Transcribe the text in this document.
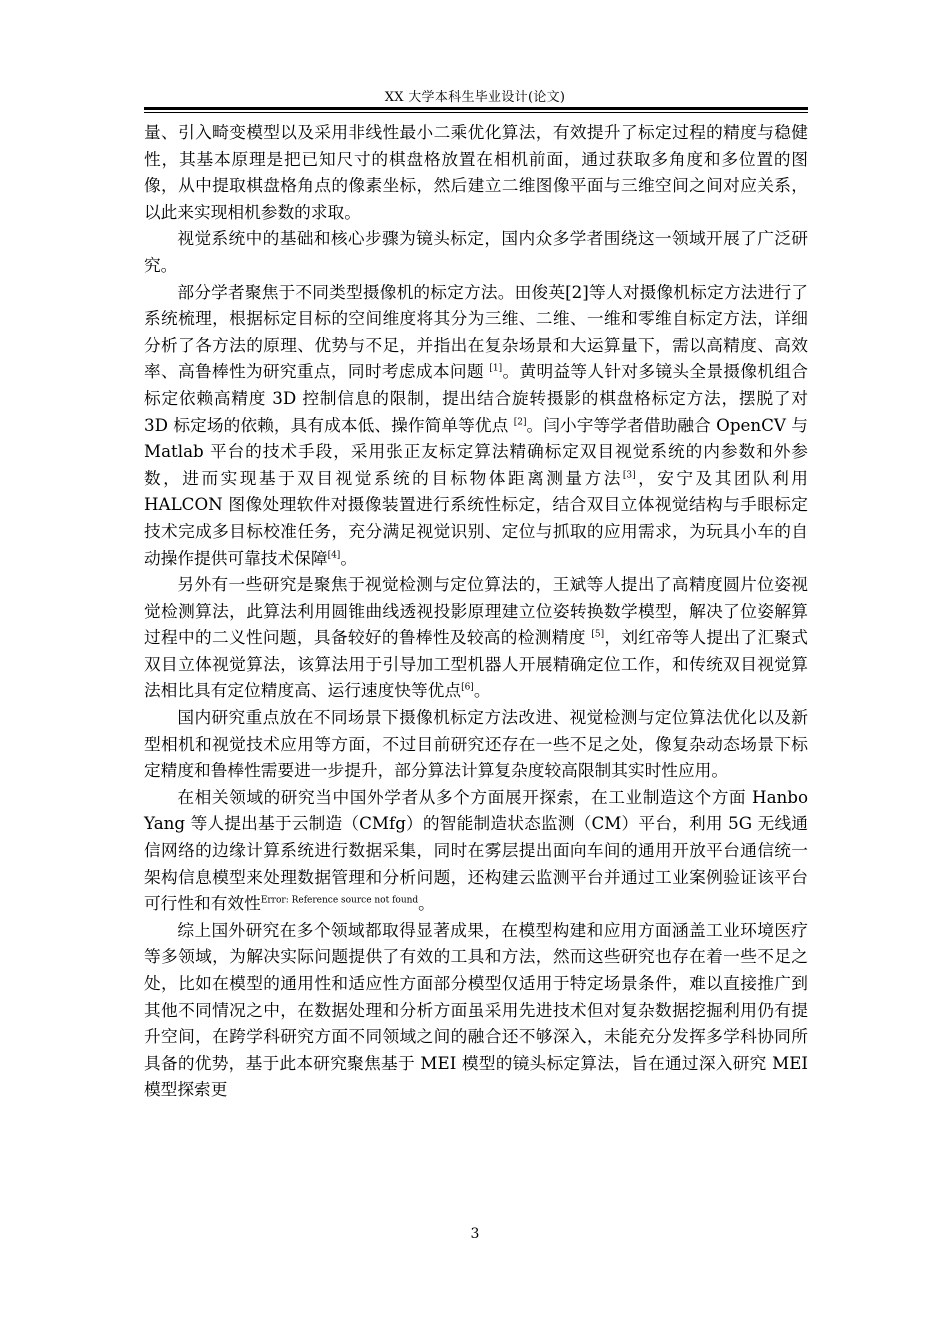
XX 大学本科生毕业设计(论文)

量、引入畸变模型以及采用非线性最小二乘优化算法，有效提升了标定过程的精度与稳健性，其基本原理是把已知尺寸的棋盘格放置在相机前面，通过获取多角度和多位置的图像，从中提取棋盘格角点的像素坐标，然后建立二维图像平面与三维空间之间对应关系，以此来实现相机参数的求取。

视觉系统中的基础和核心步骤为镜头标定，国内众多学者围绕这一领域开展了广泛研究。

部分学者聚焦于不同类型摄像机的标定方法。田俊英[2]等人对摄像机标定方法进行了系统梳理，根据标定目标的空间维度将其分为三维、二维、一维和零维自标定方法，详细分析了各方法的原理、优势与不足，并指出在复杂场景和大运算量下，需以高精度、高效率、高鲁棒性为研究重点，同时考虑成本问题 [1]。黄明益等人针对多镜头全景摄像机组合标定依赖高精度 3D 控制信息的限制，提出结合旋转摄影的棋盘格标定方法，摆脱了对 3D 标定场的依赖，具有成本低、操作简单等优点 [2]。闫小宇等学者借助融合 OpenCV 与 Matlab 平台的技术手段，采用张正友标定算法精确标定双目视觉系统的内参数和外参数，进而实现基于双目视觉系统的目标物体距离测量方法[3]，安宁及其团队利用 HALCON 图像处理软件对摄像装置进行系统性标定，结合双目立体视觉结构与手眼标定技术完成多目标校准任务，充分满足视觉识别、定位与抓取的应用需求，为玩具小车的自动操作提供可靠技术保障[4]。

另外有一些研究是聚焦于视觉检测与定位算法的，王斌等人提出了高精度圆片位姿视觉检测算法，此算法利用圆锥曲线透视投影原理建立位姿转换数学模型，解决了位姿解算过程中的二义性问题，具备较好的鲁棒性及较高的检测精度 [5]，刘红帝等人提出了汇聚式双目立体视觉算法，该算法用于引导加工型机器人开展精确定位工作，和传统双目视觉算法相比具有定位精度高、运行速度快等优点[6]。

国内研究重点放在不同场景下摄像机标定方法改进、视觉检测与定位算法优化以及新型相机和视觉技术应用等方面，不过目前研究还存在一些不足之处，像复杂动态场景下标定精度和鲁棒性需要进一步提升，部分算法计算复杂度较高限制其实时性应用。

在相关领域的研究当中国外学者从多个方面展开探索，在工业制造这个方面 Hanbo Yang 等人提出基于云制造（CMfg）的智能制造状态监测（CM）平台，利用 5G 无线通信网络的边缘计算系统进行数据采集，同时在雾层提出面向车间的通用开放平台通信统一架构信息模型来处理数据管理和分析问题，还构建云监测平台并通过工业案例验证该平台可行性和有效性$^{Error: Reference source not found}$。

综上国外研究在多个领域都取得显著成果，在模型构建和应用方面涵盖工业环境医疗等多领域，为解决实际问题提供了有效的工具和方法，然而这些研究也存在着一些不足之处，比如在模型的通用性和适应性方面部分模型仅适用于特定场景条件，难以直接推广到其他不同情况之中，在数据处理和分析方面虽采用先进技术但对复杂数据挖掘利用仍有提升空间，在跨学科研究方面不同领域之间的融合还不够深入，未能充分发挥多学科协同所具备的优势，基于此本研究聚焦基于 MEI 模型的镜头标定算法，旨在通过深入研究 MEI 模型探索更

3
